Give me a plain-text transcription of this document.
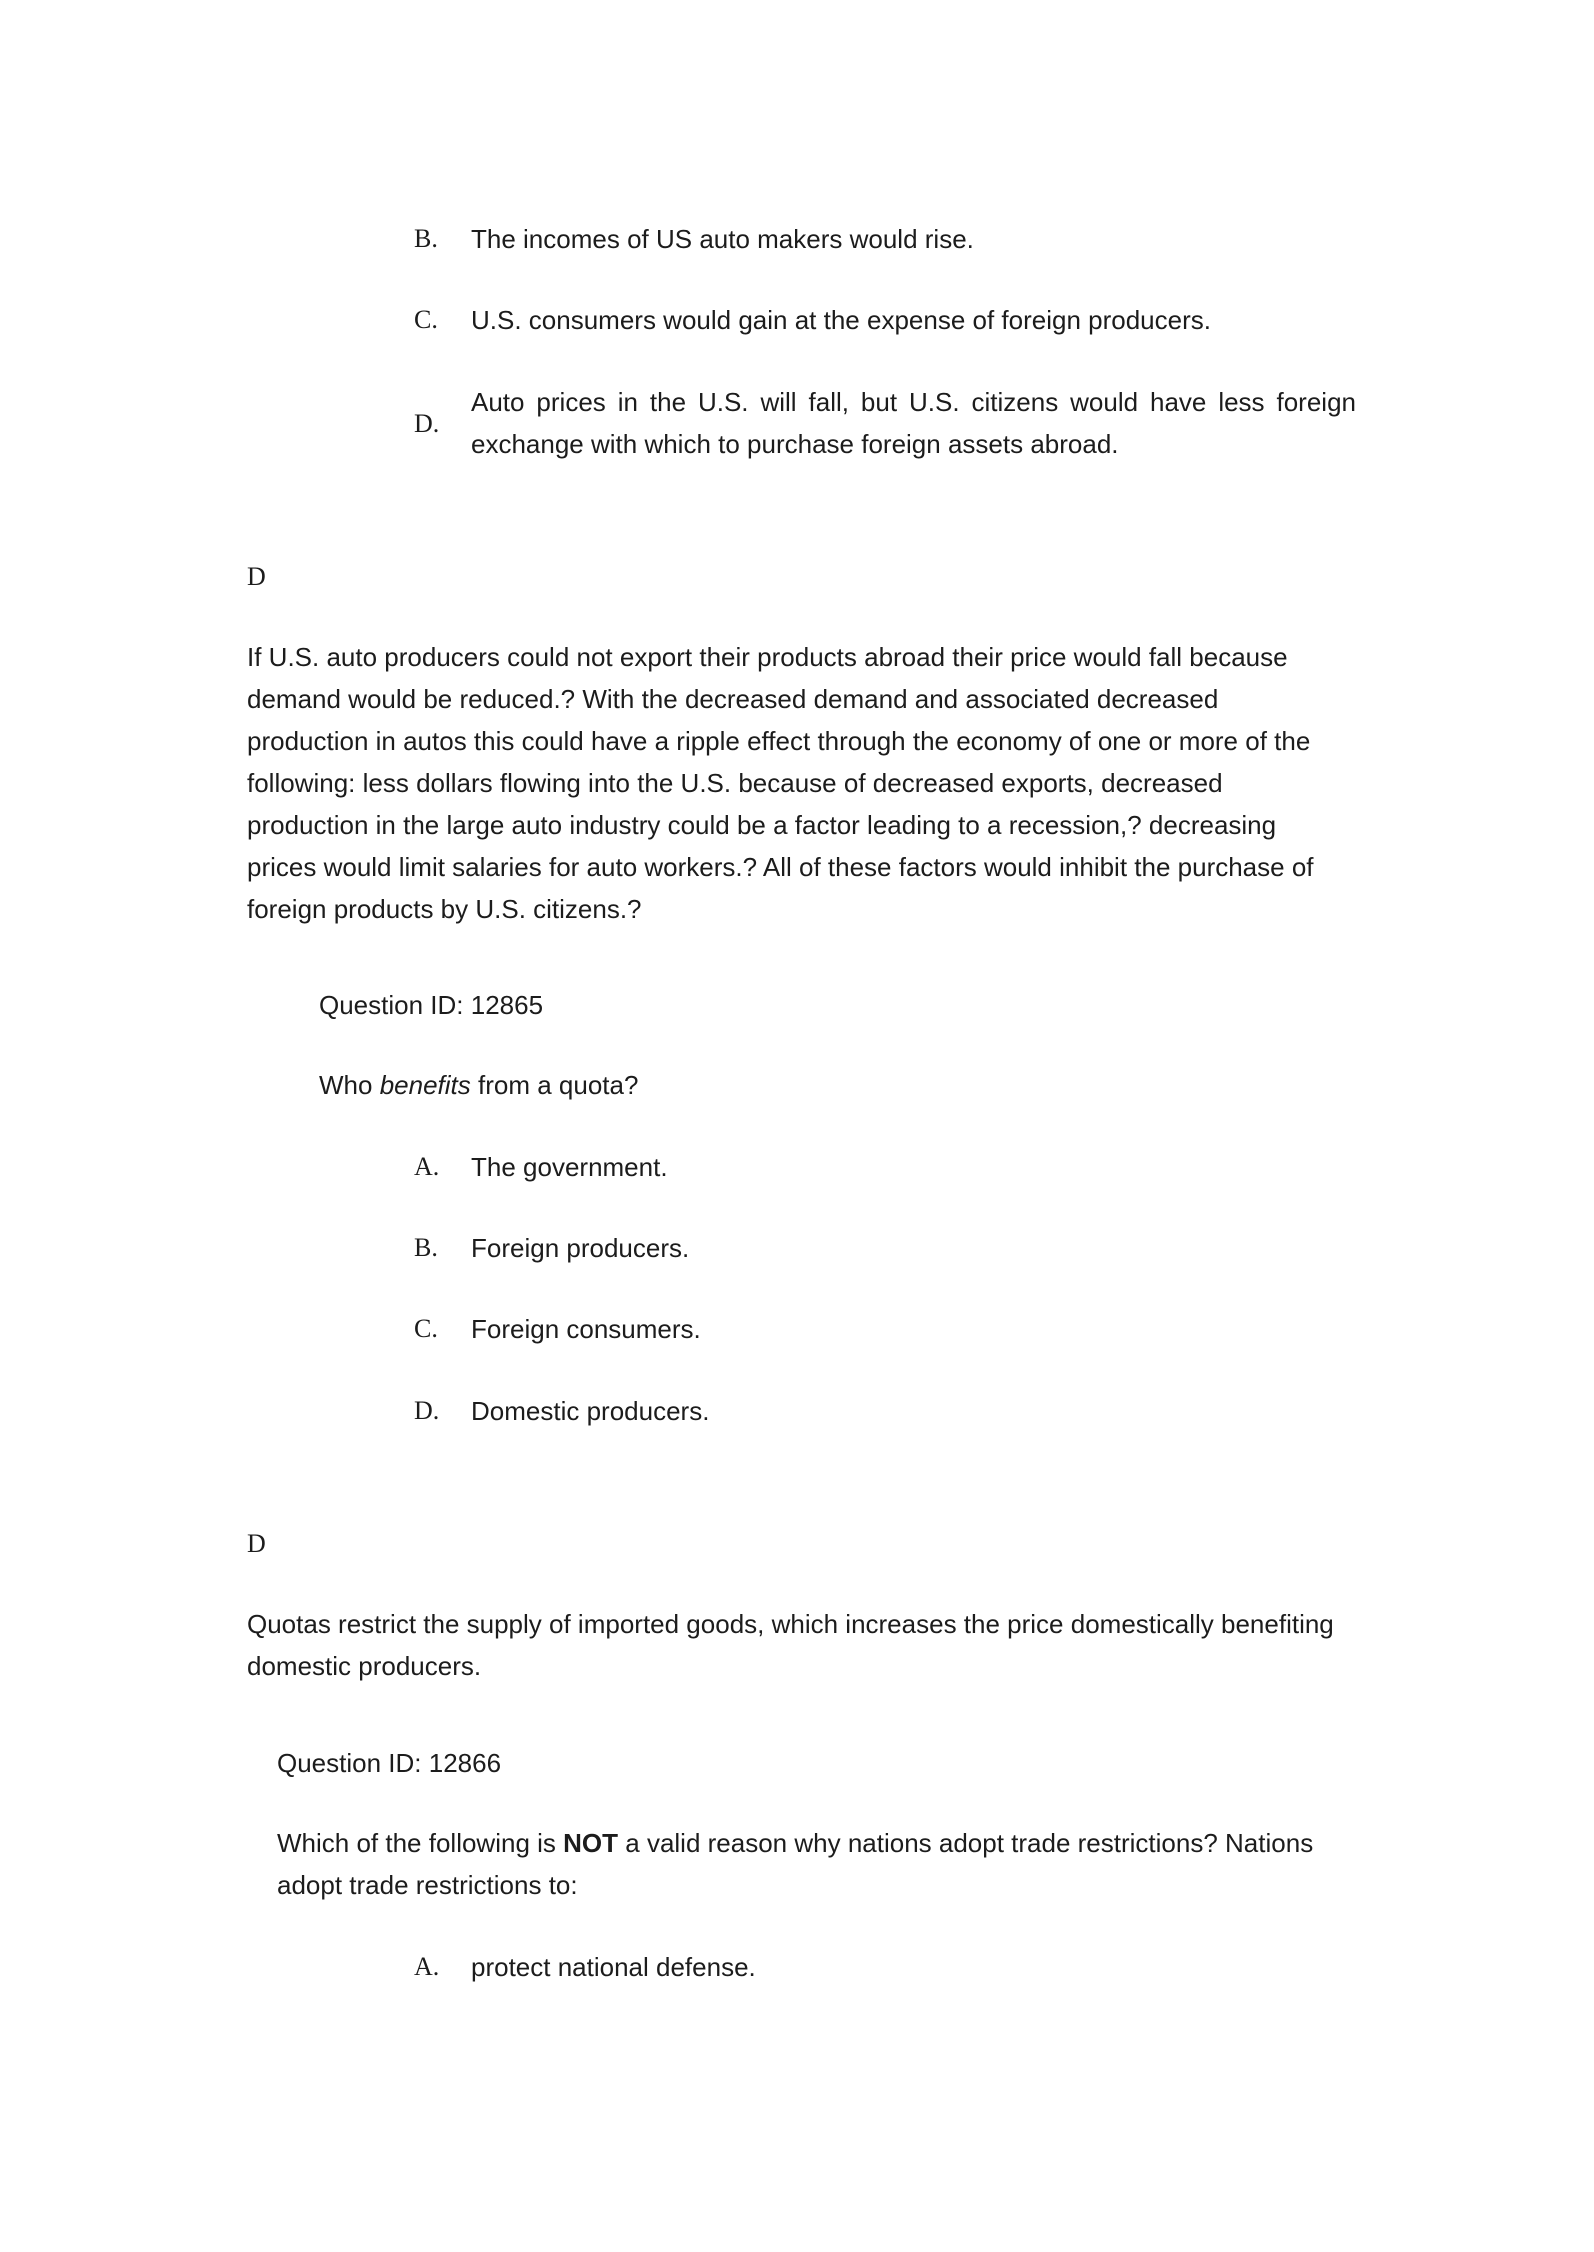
B. The incomes of US auto makers would rise.
C. U.S. consumers would gain at the expense of foreign producers.
D.
Auto prices in the U.S. will fall, but U.S. citizens would have less foreign
exchange with which to purchase foreign assets abroad.
D
If U.S. auto producers could not export their products abroad their price would fall because
demand would be reduced.? With the decreased demand and associated decreased
production in autos this could have a ripple effect through the economy of one or more of the
following: less dollars flowing into the U.S. because of decreased exports, decreased
production in the large auto industry could be a factor leading to a recession,? decreasing
prices would limit salaries for auto workers.? All of these factors would inhibit the purchase of
foreign products by U.S. citizens.?
Question ID: 12865
Who benefits from a quota?
A. The government.
B. Foreign producers.
C. Foreign consumers.
D. Domestic producers.
D
Quotas restrict the supply of imported goods, which increases the price domestically benefiting
domestic producers.
Question ID: 12866
Which of the following is NOT a valid reason why nations adopt trade restrictions? Nations
adopt trade restrictions to:
A. protect national defense.
